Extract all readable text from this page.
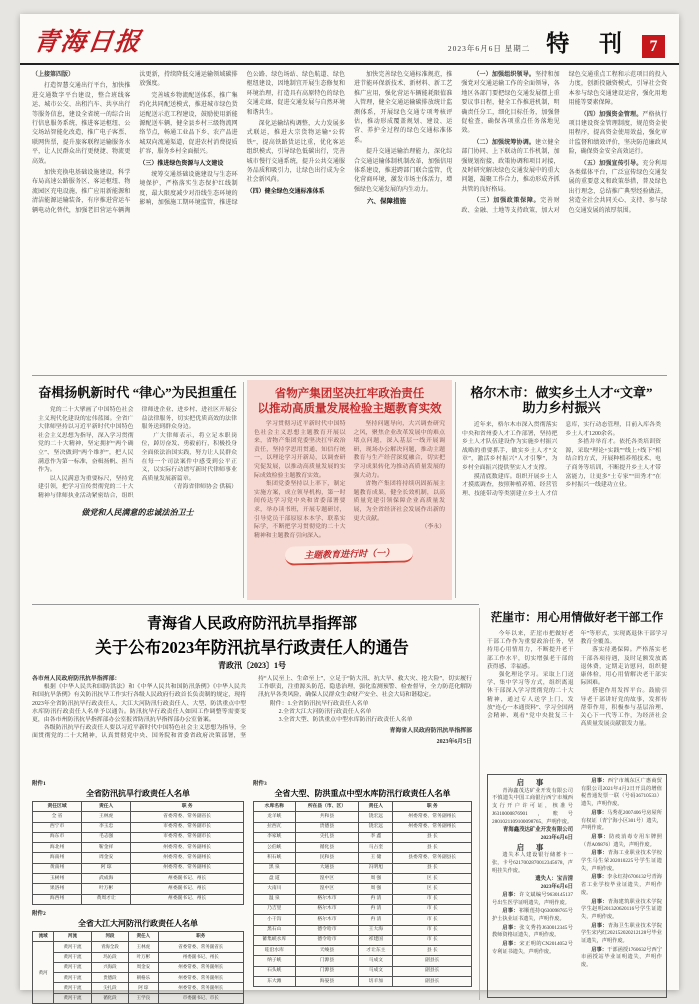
青海日报	2023年6月6日 星期二 特 刊 7

（上接第四版）

打造智慧交通出行平台，加快推进交通数字平台建设，整合班线客运、城市公交、出租汽车、共享出行等服务信息，建设全省统一的综合出行信息服务系统，推进客运枢纽、公交场站智能化改造，推广电子客票、联网售票，提升旅客联程运输服务水平，让人民群众出行更便捷、物流更高效。

加快充换电基础设施建设，科学布局高速公路服务区、客运枢纽、物流园区充电设施，推广应用新能源和清洁能源运输装备，有序推进营运车辆电动化替代，加强老旧营运车辆淘汰更新，持续降低交通运输领域碳排放强度。

完善城乡物流配送体系，推广集约化共同配送模式，推进城市绿色货运配送示范工程建设，鼓励使用新能源配送车辆，健全县乡村三级物流网络节点，畅通工业品下乡、农产品进城双向流通渠道，促进农村消费提质扩容，服务乡村全面振兴。

（三）推进绿色资源与人文建设

统筹交通基础设施建设与生态环境保护，严格落实生态保护红线制度，最大限度减少对沿线生态环境的影响，加强施工期环境监管，推进绿色公路、绿色场站、绿色航道、绿色枢纽建设，因地制宜开展生态修复和环境治理，打造具有高原特色的绿色交通走廊，促进交通发展与自然环境和谐共生。

深化运输结构调整，大力发展多式联运，推进大宗货物运输“公转铁”，提高铁路货运比重，优化客运组织模式，引导绿色低碳出行，完善城市慢行交通系统，提升公共交通服务品质和吸引力，让绿色出行成为全社会新风尚。

（四）健全绿色交通标准体系

加快完善绿色交通标准规范，推进节能环保新技术、新材料、新工艺推广应用，强化营运车辆能耗限值准入管理，健全交通运输碳排放统计监测体系，开展绿色交通专项考核评估，推动形成覆盖规划、建设、运营、养护全过程的绿色交通标准体系。

提升交通运输治理能力，深化综合交通运输体制机制改革，加强信用体系建设，推进跨部门联合监管，优化营商环境，激发市场主体活力，增强绿色交通发展的内生动力。

六、保障措施

（一）加强组织领导。坚持和加强党对交通运输工作的全面领导，各地区各部门要把绿色交通发展摆上重要议事日程，健全工作推进机制，明确责任分工，细化目标任务，加强督促检查，确保各项重点任务落地见效。

（二）加强统筹协调。建立健全部门协同、上下联动的工作机制，加强规划衔接、政策协调和项目对接，及时研究解决绿色交通发展中的重大问题，凝聚工作合力，推动形成齐抓共管的良好格局。

（三）加强政策保障。完善财政、金融、土地等支持政策，加大对绿色交通重点工程和示范项目的投入力度，创新投融资模式，引导社会资本参与绿色交通建设运营，强化用地用能等要素保障。

（四）加强资金管理。严格执行项目建设资金管理制度，规范资金使用程序，提高资金使用效益，强化审计监督和绩效评价，坚决防范廉政风险，确保资金安全高效运行。

（五）加强宣传引导。充分利用各类媒体平台，广泛宣传绿色交通发展的重要意义和政策举措，普及绿色出行理念，总结推广典型经验做法，营造全社会共同关心、支持、参与绿色交通发展的浓厚氛围。

奋楫扬帆新时代 “律心”为民担重任

党的二十大擘画了中国特色社会主义现代化建设的宏伟蓝图。全省广大律师坚持以习近平新时代中国特色社会主义思想为指导，深入学习贯彻党的二十大精神，坚定拥护“两个确立”、坚决做到“两个维护”，把人民满意作为第一标准，奋楫扬帆、担当作为。

以人民满意为重要标尺，坚持党建引领，把学习宣传贯彻党的二十大精神与律师执业活动紧密结合，组织律师进企业、进乡村、进社区开展公益法律服务，切实把优质高效的法律服务送到群众身边。

广大律师表示，将立足本职岗位，踔厉奋发、勇毅前行，积极投身全面依法治国实践，努力让人民群众在每一个司法案件中感受到公平正义，以实际行动谱写新时代律师事业高质量发展新篇章。

（青海省律师协会 供稿）

做党和人民满意的忠诚法治卫士
省物产集团坚决扛牢政治责任
以推动高质量发展检验主题教育实效

学习贯彻习近平新时代中国特色社会主义思想主题教育开展以来，省物产集团党委坚决扛牢政治责任，坚持学思用贯通、知信行统一，以理论学习开新局，以调查研究促发展，以推动高质量发展的实际成效检验主题教育实效。

集团党委坚持以上率下，制定实施方案，成立领导机构，第一时间传达学习党中央和省委部署要求，举办读书班，开展专题研讨，引导党员干部原原本本学、联系实际学，不断把学习贯彻党的二十大精神和主题教育引向深入。

坚持问题导向，大兴调查研究之风，聚焦企业改革发展中的难点堵点问题，深入基层一线开展调研，现场办公解决问题，推动主题教育与生产经营深度融合，切实把学习成果转化为推动高质量发展的强大动力。

省物产集团将持续巩固拓展主题教育成果，健全长效机制，以高质量党建引领保障企业高质量发展，为全省经济社会发展作出新的更大贡献。

（李永）

主题教育进行时（一）
格尔木市：做实乡土人才“文章”
助力乡村振兴

近年来，格尔木市深入贯彻落实中央和省州委人才工作部署，坚持把乡土人才队伍建设作为实施乡村振兴战略的重要抓手，做实乡土人才“文章”，激活乡村振兴“人才引擎”，为乡村全面振兴提供坚实人才支撑。

摸清底数建库。组织开展乡土人才摸底调查，按照种植养殖、经营管理、技能带动等类别建立乡土人才信息库，实行动态管理，目前入库各类乡土人才1200余名。

多措并举育才。依托各类培训资源，采取“理论+实践”“线上+线下”相结合的方式，开展种植养殖技术、电子商务等培训，不断提升乡土人才带富能力，让更多“土专家”“田秀才”在乡村振兴一线建功立业。

青海省人民政府防汛抗旱指挥部
关于公布2023年防汛抗旱行政责任人的通告
青政汛〔2023〕1号

各市州人民政府防汛抗旱指挥部：

根据《中华人民共和国防洪法》和《中华人民共和国防汛条例》《中华人民共和国抗旱条例》有关防汛抗旱工作实行各级人民政府行政首长负责制的规定，现将2023年全省防汛抗旱行政责任人、大江大河防汛行政责任人、大型、防洪重点中型水库防汛行政责任人名单予以通告。防汛抗旱行政责任人如因工作调整等需要变更，由各市州防汛抗旱指挥部办公室报省防汛抗旱指挥部办公室备案。

各级防汛抗旱行政责任人要以习近平新时代中国特色社会主义思想为指导，全面贯彻党的二十大精神，认真贯彻党中央、国务院和省委省政府决策部署，坚持“人民至上、生命至上”，立足于“防大汛、抗大旱、救大灾、抢大险”，切实履行工作职责，注重源头防范、隐患治理，强化监测预警、检查督导，全力防范化解防汛抗旱各类风险，确保人民群众生命财产安全、社会大局和谐稳定。

附件：1.全省防汛抗旱行政责任人名单

2.全省大江大河防汛行政责任人名单

3.全省大型、防洪重点中型水库防汛行政责任人名单

青海省人民政府防汛抗旱指挥部

2023年6月5日

附件1
全省防汛抗旱行政责任人名单
责任区域	责任人	职 务
全 省	王林虎	省委常委、常务副省长
西宁市	李玉忠	市委常委、常务副市长
海东市	毛志强	市委常委、常务副市长
海北州	靳金祥	州委常委、常务副州长
海南州	周金安	州委常委、常务副州长
黄南州	阿 琼	州委常委、常务副州长
玉树州	武成海	州委副书记、州长
果洛州	叶万彬	州委副书记、州长
海西州	黄周才让	州委副书记、州长
附件2
全省大江大河防汛行政责任人名单
流域	河流	河段	责任人	职务
黄河	黄河干流	青海全段	王林虎	省委常委、常务副省长
	黄河干流	玛沁段	叶万彬	州委副书记、州长
	黄河干流	兴海段	周金安	州委常委、常务副州长
	黄河干流	贵德段	朝格乐	州委常委、常务副州长
	黄河干流	尖扎段	阿 琼	州委常委、常务副州长
	黄河干流	循化段	王学良	市委副书记、市长
附件3
全省大型、防洪重点中型水库防汛行政责任人名单
水库名称	所在县（市、区）	责任人	职 务
龙羊峡	共和县	饶宏远	州委常委、常务副州长
拉西瓦	贵德县	饶宏远	州委常委、常务副州长
李家峡	尖扎县	李 鑫	县 长
公伯峡	循化县	马占奎	县 长
积石峡	民和县	王 储	县委常委、常务副县长
黑 泉	大通县	冯明旭	县 长
盘 道	湟中区	周 强	区 长
大南川	湟中区	周 强	区 长
温 泉	格尔木市	冉 清	市 长
乃吉里	格尔木市	冉 清	市 长
小干沟	格尔木市	冉 清	市 长
黑石山	德令哈市	王大海	市 长
蓄集峡水库	德令哈市	祁建国	市 长
哇沿水库	天峻县	才让东主	县 长
纳子峡	门源县	马成文	副县长
石头峡	门源县	马成文	副县长
东大滩	海晏县	切羊加	副县长
茫崖市：用心用情做好老干部工作

今年以来，茫崖市把做好老干部工作作为重要政治任务，坚持用心用情用力，不断提升老干部工作水平，切实增强老干部的获得感、幸福感。

强化理论学习。采取上门送学、集中学习等方式，组织离退休干部深入学习贯彻党的二十大精神，通过专人送学上门、发放“连心一本通资料”、学习全国两会精神、观看“党中央批复三十年”等形式，实现离退休干部学习教育全覆盖。

落实待遇保障。严格落实老干部各项待遇，及时足额发放离退休费，定期走访慰问，组织健康体检，用心用情解决老干部实际困难。

搭建作用发挥平台。鼓励引导老干部讲好党的故事，发挥传帮带作用，积极参与基层治理、关心下一代等工作，为经济社会高质量发展贡献银发力量。

启 事

青海鑫茂达矿业开发有限公司不慎遗失中国工商银行西宁市城西支行开户许可证，核准号J6310000876901，账号2801021109100098765，声明作废。

青海鑫茂达矿业开发有限公司
2023年6月6日
启 事

遗失本人建设银行储蓄卡一张，卡号6217002870012345678，声明挂失作废。

遗失人：宝吉清
2023年6月6日

启事：许文斌编号9630145137号出生医学证明遗失，声明作废。

启事：祁顺莲持Q630098765号护士执业证书遗失，声明作废。

启事：张文秀持J630012345号教师资格证遗失，声明作废。

启事：宋正明的CN2014052号专利证书遗失，声明作废。

启事：西宁市城东区广惠商贸有限公司2021年4月2日开具的增值税普通发票一联（号码36710533）遗失，声明作废。

启事：马秀花2007406号房屋所有权证（青宁海小区301号）遗失，声明作废。

启事：防疫消毒专用车牌照（青A09876）遗失，声明作废。

启事：青海工业职业技术学校学生马生荣202010225号学生证遗失，声明作废。

启事：李永红持6706132号青海省工业学校毕业证遗失，声明作废。

启事：青海建筑职业技术学院学生赵明201320620116号学生证遗失，声明作废。

启事：青海卫生职业技术学院学生宋内红202152020212128号毕业证遗失，声明作废。

启事：干部函授1760632号西宁市函授站毕业证明遗失，声明作废。
